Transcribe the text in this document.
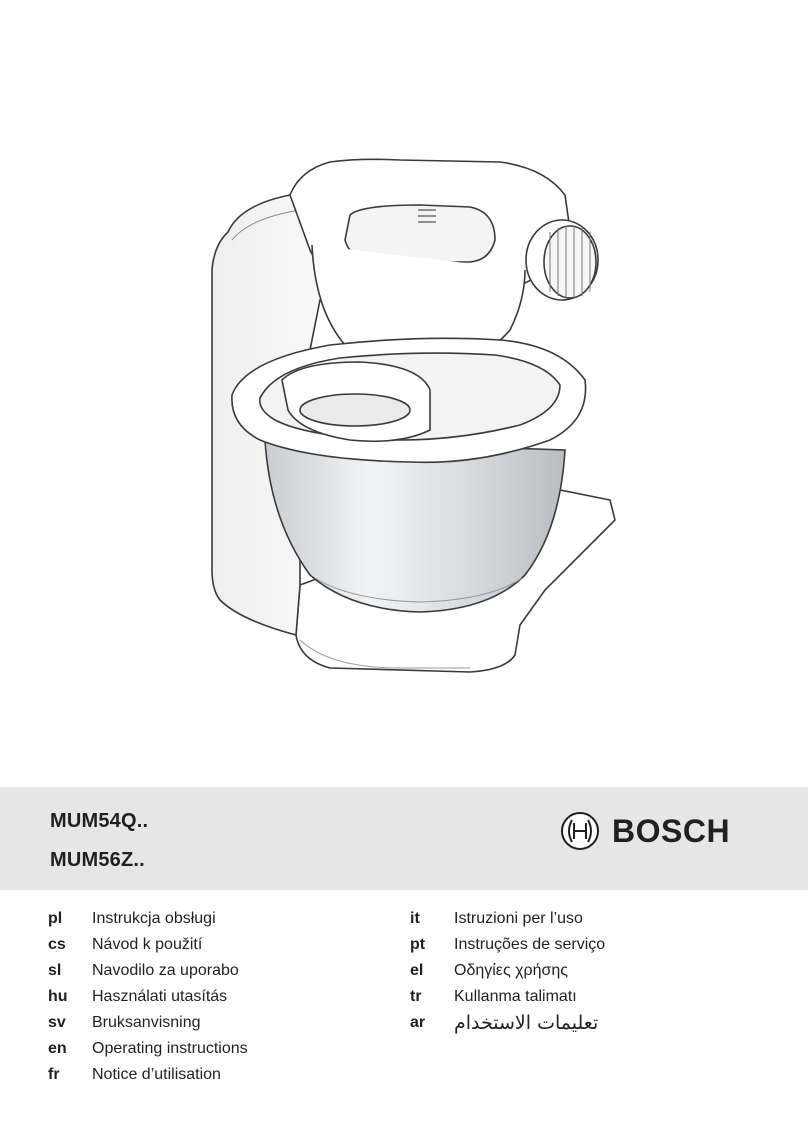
MUM54Q..
MUM56Z..
BOSCH
pl	Instrukcja obsługi
cs	Návod k použití
sl	Navodilo za uporabo
hu	Használati utasítás
sv	Bruksanvisning
en	Operating instructions
fr	Notice d’utilisation
it	Istruzioni per l’uso
pt	Instruções de serviço
el	Οδηγίες χρήσης
tr	Kullanma talimatı
ar	تعليمات الاستخدام
